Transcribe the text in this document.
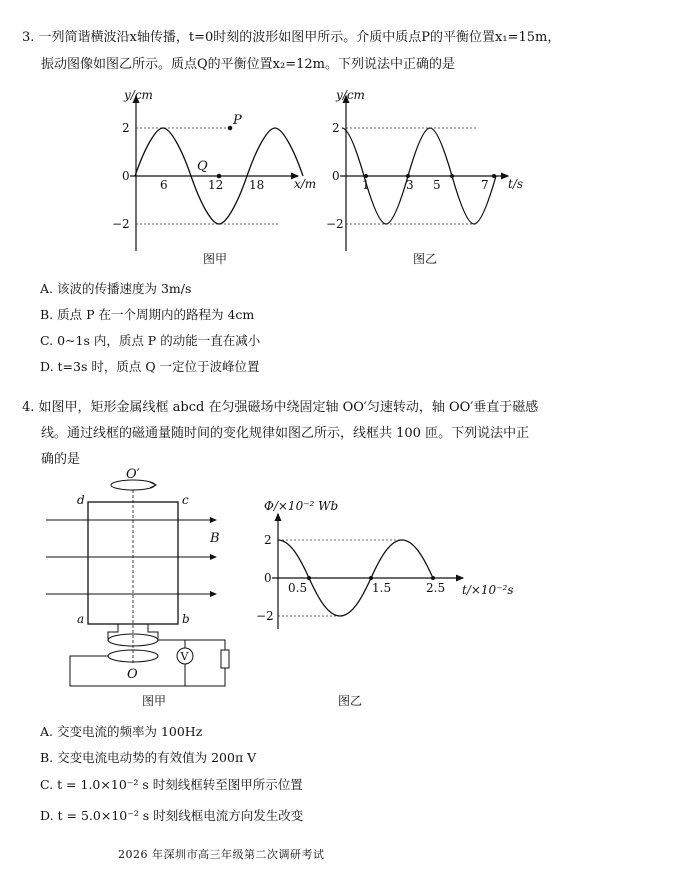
3. 一列简谐横波沿x轴传播，t=0时刻的波形如图甲所示。介质中质点P的平衡位置x₁=15m，
振动图像如图乙所示。质点Q的平衡位置x₂=12m。下列说法中正确的是
y/cm
2
0
−2
6	12 18 x/m
P
Q
图甲
y/cm
2
0
−2
1	3 5	7 t/s
图乙
A. 该波的传播速度为 3m/s
B. 质点 P 在一个周期内的路程为 4cm
C. 0~1s 内，质点 P 的动能一直在减小
D. t=3s 时，质点 Q 一定位于波峰位置
4. 如图甲，矩形金属线框 abcd 在匀强磁场中绕固定轴 OO′匀速转动，轴 OO′垂直于磁感
线。通过线框的磁通量随时间的变化规律如图乙所示，线框共 100 匝。下列说法中正
确的是
O′
d	c
a	b
B
O
V
图甲
Φ/×10⁻² Wb
2
0
−2
0.5	1.5	2.5 t/×10⁻²s
图乙
A. 交变电流的频率为 100Hz
B. 交变电流电动势的有效值为 200π V
C. t = 1.0×10⁻² s 时刻线框转至图甲所示位置
D. t = 5.0×10⁻² s 时刻线框电流方向发生改变
2026 年深圳市高三年级第二次调研考试
